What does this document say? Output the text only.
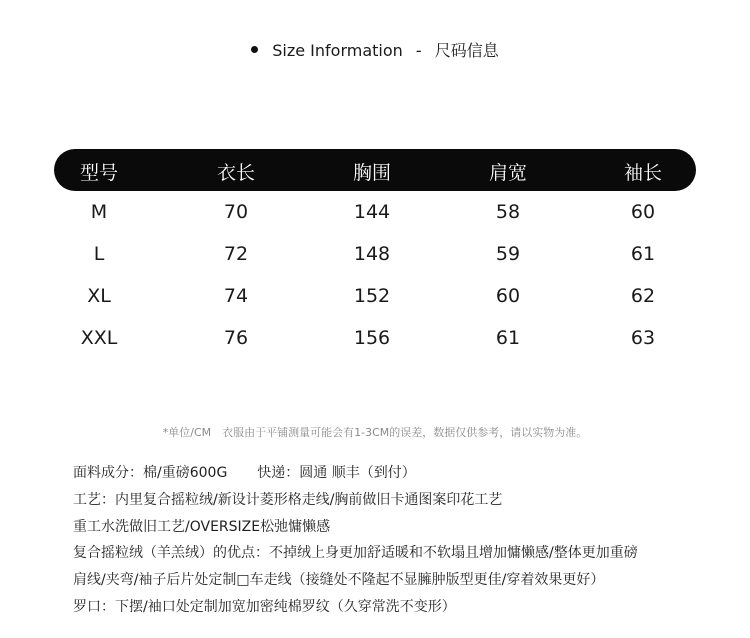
Size Information - 尺码信息
型号	衣长	胸围	肩宽	袖长
M	70	144	58	60
L	72	148	59	61
XL	74	152	60	62
XXL	76	156	61	63
*单位/CM　衣服由于平铺测量可能会有1-3CM的误差，数据仅供参考，请以实物为准。
面料成分：棉/重磅600G 快递：圆通 顺丰（到付）
工艺：内里复合摇粒绒/新设计菱形格走线/胸前做旧卡通图案印花工艺
重工水洗做旧工艺/OVERSIZE松弛慵懒感
复合摇粒绒（羊羔绒）的优点：不掉绒上身更加舒适暖和不软塌且增加慵懒感/整体更加重磅
肩线/夹弯/袖子后片处定制□车走线（接缝处不隆起不显臃肿版型更佳/穿着效果更好）
罗口：下摆/袖口处定制加宽加密纯棉罗纹（久穿常洗不变形）
